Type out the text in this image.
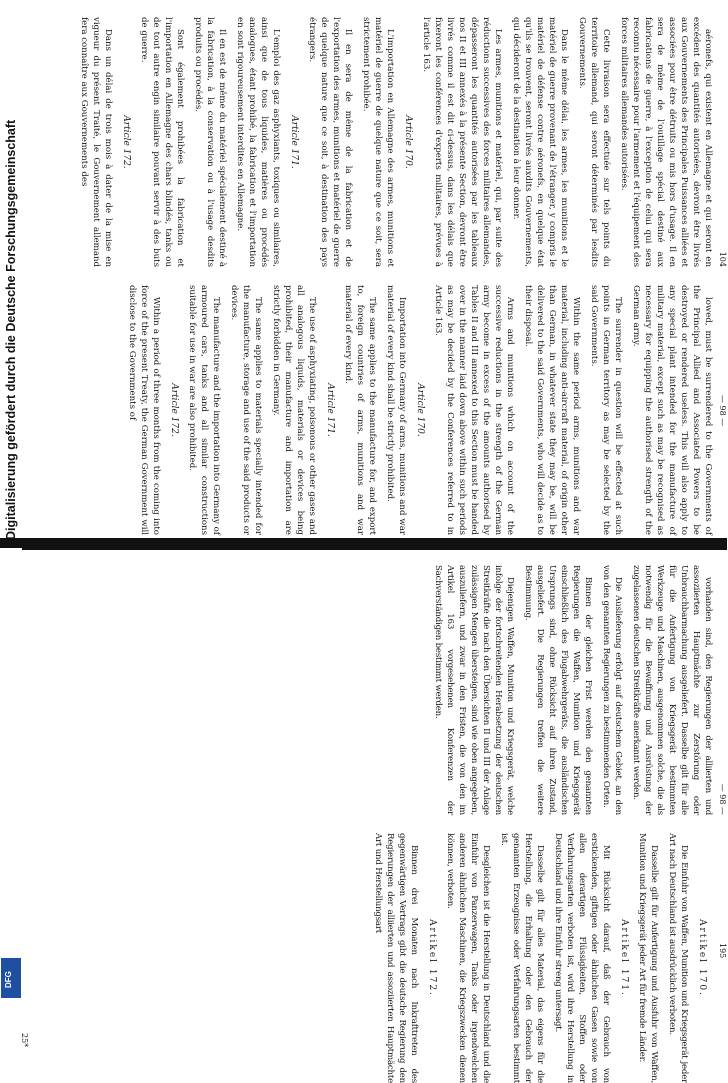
104

aéronefs, qui existent en Allemagne et qui seront en excédent des quantités autorisées, devront être livrés aux Gouvernements des Principales Puissances alliées et associées pour être détruits ou mis hors d'usage. Il en sera de même de l'outillage spécial destiné aux fabrications de guerre, à l'exception de celui qui sera reconnu nécessaire pour l'armement et l'équipement des forces militaires allemandes autorisées.

Cette livraison sera effectuée sur tels points du territoire allemand, qui seront déterminés par lesdits Gouvernements.

Dans le même délai, les armes, les munitions et le matériel de guerre provenant de l'étranger, y compris le matériel de défense contre aéronefs, en quelque état qu'ils se trouvent, seront livrés auxdits Gouvernements, qui décideront de la destination à leur donner.

Les armes, munitions et matériel, qui, par suite des réductions successives des forces militaires allemandes, dépasseront les quantités autorisées par les tableaux nos II et III annexés à la présente Section, devront être livrés comme il est dit ci-dessus, dans les délais que fixeront les conférences d'experts militaires, prévues à l'article 163.

Article 170.

L'importation en Allemagne des armes, munitions et matériel de guerre de quelque nature que ce soit, sera strictement prohibée.

Il en sera de même de la fabrication et de l'exportation des armes, munitions et matériel de guerre de quelque nature que ce soit, à destination des pays étrangers.

Article 171.

L'emploi des gaz asphyxiants, toxiques ou similaires, ainsi que de tous liquides, matières ou procédés analogues, étant prohibé, la fabrication et l'importation en sont rigoureusement interdites en Allemagne.

Il en est de même du matériel spécialement destiné à la fabrication, à la conservation ou à l'usage desdits produits ou procédés.

Sont également prohibées la fabrication et l'importation en Allemagne des chars blindés, tanks ou de tout autre engin similaire pouvant servir à des buts de guerre.

Article 172.

Dans un délai de trois mois à dater de la mise en vigueur du présent Traité, le Gouvernement allemand fera connaître aux Gouvernements des

— 98 —

lowed, must be surrendered to the Governments of the Principal Allied and Associated Powers to be destroyed or rendered useless. This will also apply to any special plant intended for the manufacture of military material, except such as may be recognised as necessary for equipping the authorised strength of the German army.

The surrender in question will be effected at such points in German territory as may be selected by the said Governments.

Within the same period arms, munitions and war material, including anti-aircraft material, of origin other than German, in whatever state they may be, will be delivered to the said Governments, who will decide as to their disposal.

Arms and munitions which on account of the successive reductions in the strength of the German army become in excess of the amounts authorised by Tables II and III annexed to this Section must be handed over in the manner laid down above within such periods as may be decided by the Conferences referred to in Article 163.

Article 170.

Importation into Germany of arms, munitions and war material of every kind shall be strictly prohibited.

The same applies to the manufacture for, and export to, foreign countries of arms, munitions and war material of every kind.

Article 171.

The use of asphyxiating, poisonous or other gases and all analogous liquids, materials or devices being prohibited, their manufacture and importation are strictly forbidden in Germany.

The same applies to materials specially intended for the manufacture, storage and use of the said products or devices.

The manufacture and the importation into Germany of armoured cars, tanks and all similar constructions suitable for use in war are also prohibited.

Article 172.

Within a period of three months from the coming into force of the present Treaty, the German Government will disclose to the Governments of

— 98 —

vorhanden sind, den Regierungen der alliierten und assoziierten Hauptmächte zur Zerstörung oder Unbrauchbarmachung ausgeliefert. Dasselbe gilt für alle für die Anfertigung von Kriegsgerät bestimmten Werkzeuge und Maschinen, ausgenommen solche, die als notwendig für die Bewaffnung und Ausrüstung der zugelassenen deutschen Streitkräfte anerkannt werden.

Die Auslieferung erfolgt auf deutschem Gebiet, an den von den genannten Regierungen zu bestimmenden Orten.

Binnen der gleichen Frist werden den genannten Regierungen die Waffen, Munition und Kriegsgerät einschließlich des Flugabwehrgeräts, die ausländischen Ursprungs sind, ohne Rücksicht auf ihren Zustand, ausgeliefert. Die Regierungen treffen die weitere Bestimmung.

Diejenigen Waffen, Munition und Kriegsgerät, welche infolge der fortschreitenden Herabsetzung der deutschen Streitkräfte die nach den Übersichten II und III der Anlage zulässigen Mengen übersteigen, sind wie oben angegeben, auszuliefern, und zwar in den Fristen, die von den im Artikel 163 vorgesehenen Konferenzen der Sachverständigen bestimmt werden.

195
Artikel 170.

Die Einfuhr von Waffen, Munition und Kriegsgerät jeder Art nach Deutschland ist ausdrücklich verboten.

Dasselbe gilt für Anfertigung und Ausfuhr von Waffen, Munition und Kriegsgerät jeder Art für fremde Länder.

Artikel 171.

Mit Rücksicht darauf, daß der Gebrauch von erstickenden, giftigen oder ähnlichen Gasen sowie von allen derartigen Flüssigkeiten, Stoffen oder Verfahrungsarten verboten ist, wird ihre Herstellung in Deutschland und ihre Einfuhr streng untersagt.

Dasselbe gilt für alles Material, das eigens für die Herstellung, die Erhaltung oder den Gebrauch der genannten Erzeugnisse oder Verfahrungsarten bestimmt ist.

Desgleichen ist die Herstellung in Deutschland und die Einfuhr von Panzerwagen, Tanks oder irgendwelchen anderen ähnlichen Maschinen, die Kriegszwecken dienen können, verboten.

Artikel 172.

Binnen drei Monaten nach Inkrafttreten des gegenwärtigen Vertrags gibt die deutsche Regierung den Regierungen der alliierten und assoziierten Hauptmächte Art und Herstellungsart

25*
Digitalisierung gefördert durch die Deutsche Forschungsgemeinschaft
DFG
